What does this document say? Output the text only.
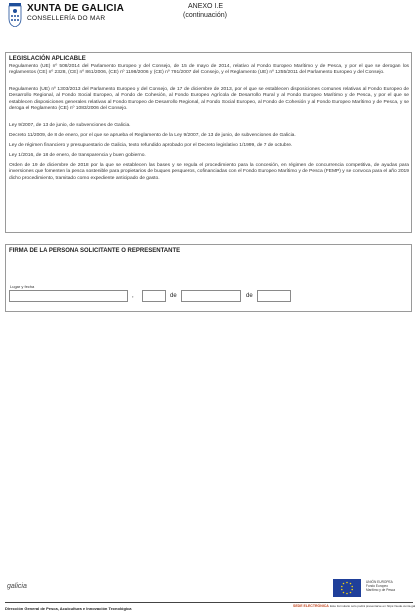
XUNTA DE GALICIA
CONSELLERÍA DO MAR
ANEXO I.E
(continuación)
LEGISLACIÓN APLICABLE
Regulamento (UE) nº 508/2014 del Parlamento Europeo y del Consejo, de 15 de mayo de 2014, relativo al Fondo Europeo Marítimo y de Pesca, y por el que se derogan los reglamentos (CE) nº 2328, (CE) nº 861/2006, (CE) nº 1198/2006 y (CE) nº 791/2007 del Consejo, y el Reglamento (UE) nº 1255/2011 del Parlamento Europeo y del Consejo.
Regulamento (UE) nº 1303/2013 del Parlamento Europeo y del Consejo, de 17 de diciembre de 2013, por el que se establecen disposiciones comunes relativas al Fondo Europeo de Desarrollo Regional, al Fondo Social Europeo, al Fondo de Cohesión, al Fondo Europeo Agrícola de Desarrollo Rural y al Fondo Europeo Marítimo y de Pesca, y por el que se establecen disposiciones generales relativas al Fondo Europeo de Desarrollo Regional, al Fondo Social Europeo, al Fondo de Cohesión y al Fondo Europeo Marítimo y de Pesca, y se deroga el Reglamento (CE) nº 1083/2006 del Consejo.
Ley 9/2007, de 13 de junio, de subvenciones de Galicia.
Decreto 11/2009, de 8 de enero, por el que se aprueba el Reglamento de la Ley 9/2007, de 13 de junio, de subvenciones de Galicia.
Ley de régimen financiero y presupuestario de Galicia, texto refundido aprobado por el Decreto legislativo 1/1999, de 7 de octubre.
Ley 1/2016, de 18 de enero, de transparencia y buen gobierno.
Orden de 19 de diciembre de 2018 por la que se establecen las bases y se regula el procedimiento para la concesión, en régimen de concurrencia competitiva, de ayudas para inversiones que fomenten la pesca sostenible para propietarios de buques pesqueros, cofinanciadas con el Fondo Europeo Marítimo y de Pesca (FEMP) y se convoca para el año 2019 dicho procedimiento, tramitado como expediente anticipado de gasto.
FIRMA DE LA PERSONA SOLICITANTE O REPRESENTANTE
Lugar y fecha
,	de	de
galicia
UNIÓN EUROPEA
Fondo Europeo
Marítimo y de Pesca
Dirección General de Pesca, Acuicultura e Innovación Tecnológica	SEDE ELECTRÓNICA Este formulario solo podrá presentarse en https://sede.xunta.gal
